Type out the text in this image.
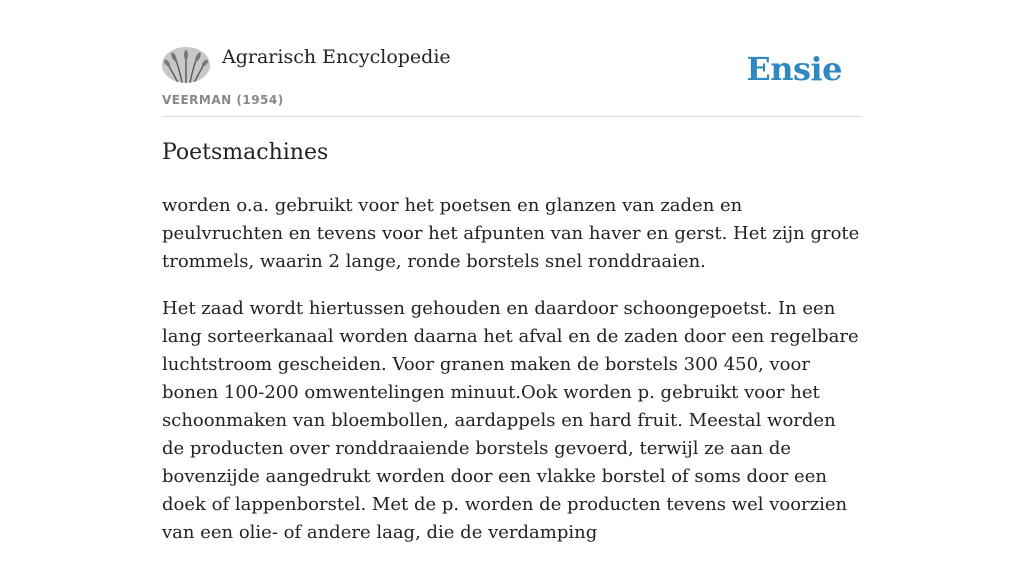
Agrarisch Encyclopedie
VEERMAN (1954)
Ensie
Poetsmachines

worden o.a. gebruikt voor het poetsen en glanzen van zaden en peulvruchten en tevens voor het afpunten van haver en gerst. Het zijn grote trommels, waarin 2 lange, ronde borstels snel ronddraaien.

Het zaad wordt hiertussen gehouden en daardoor schoongepoetst. In een lang sorteerkanaal worden daarna het afval en de zaden door een regelbare luchtstroom gescheiden. Voor granen maken de borstels 300 450, voor bonen 100-200 omwentelingen minuut.Ook worden p. gebruikt voor het schoonmaken van bloembollen, aardappels en hard fruit. Meestal worden de producten over ronddraaiende borstels gevoerd, terwijl ze aan de bovenzijde aangedrukt worden door een vlakke borstel of soms door een doek of lappenborstel. Met de p. worden de producten tevens wel voorzien van een olie- of andere laag, die de verdamping
